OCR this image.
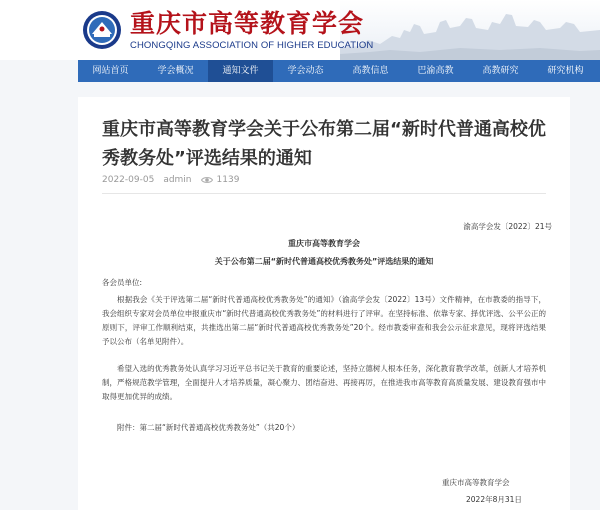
重庆市高等教育学会
CHONGQING ASSOCIATION OF HIGHER EDUCATION
网站首页	学会概况	通知文件	学会动态	高教信息	巴渝高教	高教研究	研究机构
重庆市高等教育学会关于公布第二届“新时代普通高校优秀教务处”评选结果的通知
2022-09-05 admin	1139
渝高学会发〔2022〕21号
重庆市高等教育学会
关于公布第二届“新时代普通高校优秀教务处”评选结果的通知
各会员单位:

根据我会《关于评选第二届“新时代普通高校优秀教务处”的通知》（渝高学会发〔2022〕13号）文件精神，在市教委的指导下，我会组织专家对会员单位申报重庆市“新时代普通高校优秀教务处”的材料进行了评审。在坚持标准、依靠专家、择优评选、公平公正的原则下，评审工作顺利结束，共推选出第二届“新时代普通高校优秀教务处”20个。经市教委审查和我会公示征求意见，现将评选结果予以公布（名单见附件）。

希望入选的优秀教务处认真学习习近平总书记关于教育的重要论述，坚持立德树人根本任务，深化教育教学改革，创新人才培养机制，严格规范教学管理，全面提升人才培养质量，凝心聚力、团结奋进、再接再厉，在推进我市高等教育高质量发展、建设教育强市中取得更加优异的成绩。

附件：第二届“新时代普通高校优秀教务处”（共20个）
重庆市高等教育学会
2022年8月31日
